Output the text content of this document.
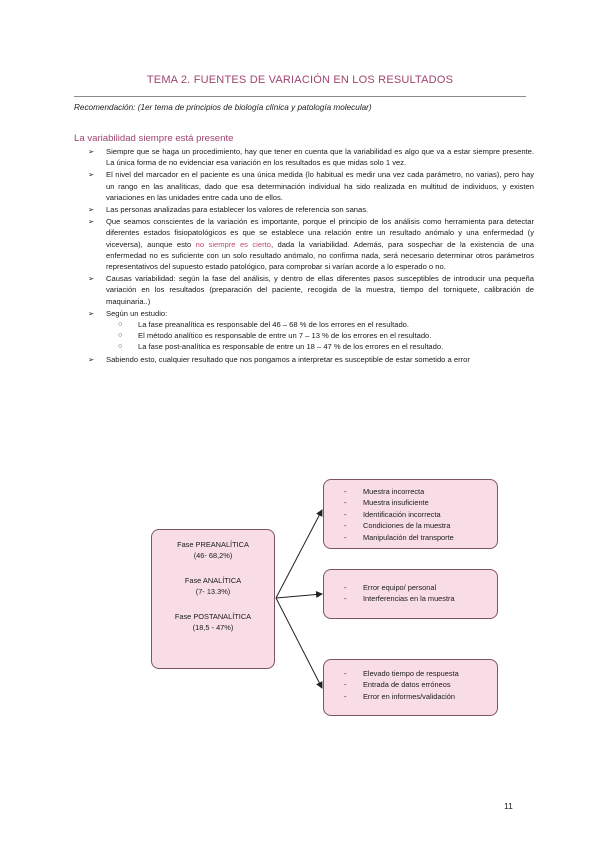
TEMA 2. FUENTES DE VARIACIÓN EN LOS RESULTADOS
Recomendación: (1er tema de principios de biología clínica y patología molecular)
La variabilidad siempre está presente
➢ Siempre que se haga un procedimiento, hay que tener en cuenta que la variabilidad es algo que va a estar siempre presente. La única forma de no evidenciar esa variación en los resultados es que midas solo 1 vez.
➢ El nivel del marcador en el paciente es una única medida (lo habitual es medir una vez cada parámetro, no varias), pero hay un rango en las analíticas, dado que esa determinación individual ha sido realizada en multitud de individuos, y existen variaciones en las unidades entre cada uno de ellos.
➢ Las personas analizadas para establecer los valores de referencia son sanas.
➢ Que seamos conscientes de la variación es importante, porque el principio de los análisis como herramienta para detectar diferentes estados fisiopatológicos es que se establece una relación entre un resultado anómalo y una enfermedad (y viceversa), aunque esto no siempre es cierto, dada la variabilidad. Además, para sospechar de la existencia de una enfermedad no es suficiente con un solo resultado anómalo, no confirma nada, será necesario determinar otros parámetros representativos del supuesto estado patológico, para comprobar si varían acorde a lo esperado o no.
➢ Causas variabilidad: según la fase del análisis, y dentro de ellas diferentes pasos susceptibles de introducir una pequeña variación en los resultados (preparación del paciente, recogida de la muestra, tiempo del torniquete, calibración de maquinaria..)
➢ Según un estudio:
○ La fase preanalítica es responsable del 46 – 68 % de los errores en el resultado.
○ El método analítico es responsable de entre un 7 – 13 % de los errores en el resultado.
○ La fase post-analítica es responsable de entre un 18 – 47 % de los errores en el resultado.
➢ Sabiendo esto, cualquier resultado que nos pongamos a interpretar es susceptible de estar sometido a error
Fase PREANALÍTICA
(46- 68,2%)
Fase ANALÍTICA
(7- 13.3%)
Fase POSTANALÍTICA
(18,5 - 47%)
- Muestra incorrecta
- Muestra insuficiente
- Identificación incorrecta
- Condiciones de la muestra
- Manipulación del transporte
- Error equipo/ personal
- Interferencias en la muestra
- Elevado tiempo de respuesta
- Entrada de datos erróneos
- Error en informes/validación
11
